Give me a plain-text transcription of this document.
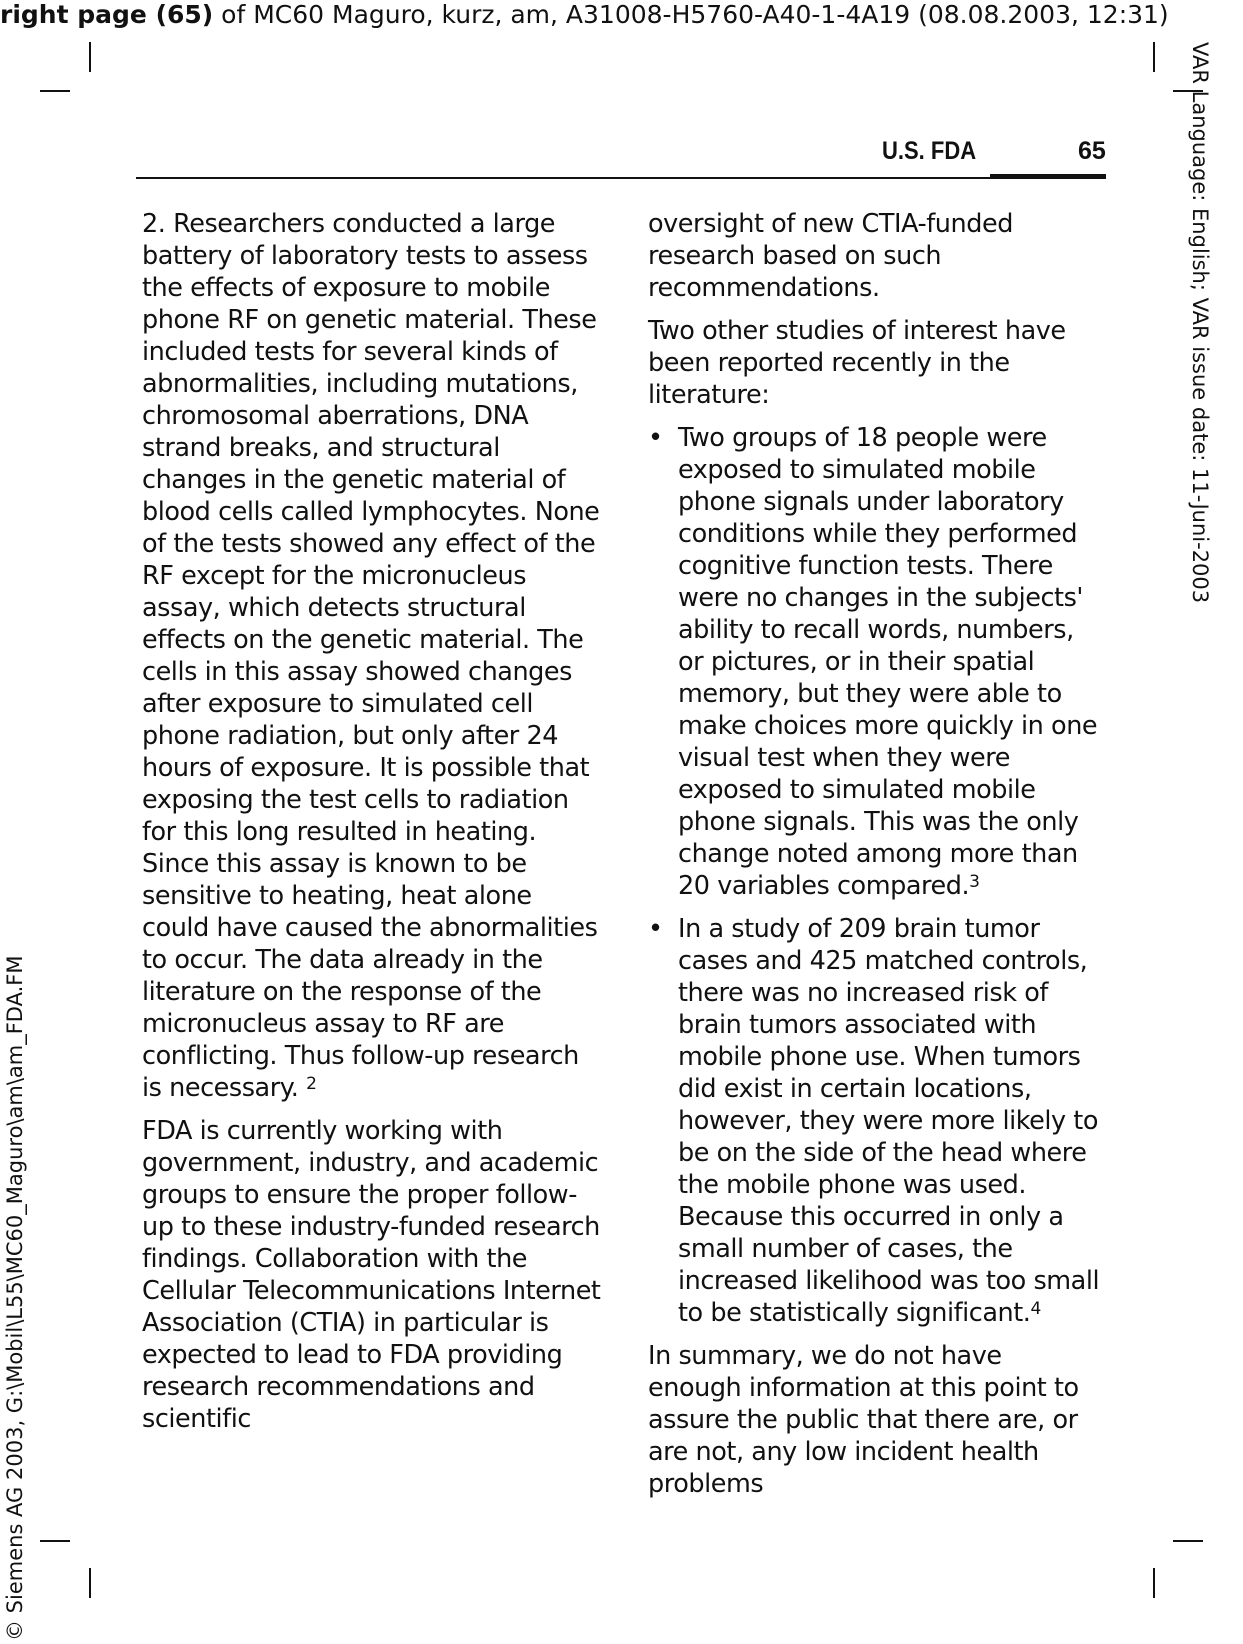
right page (65) of MC60 Maguro, kurz, am, A31008-H5760-A40-1-4A19 (08.08.2003, 12:31)
VAR Language: English; VAR issue date: 11-Juni-2003
© Siemens AG 2003, G:\Mobil\L55\MC60_Maguro\am\am_FDA.FM
U.S. FDA	65

2. Researchers conducted a large battery of laboratory tests to assess the effects of exposure to mobile phone RF on genetic material. These included tests for several kinds of abnormalities, including mutations, chromosomal aberrations, DNA strand breaks, and structural changes in the genetic material of blood cells called lymphocytes. None of the tests showed any effect of the RF except for the micronucleus assay, which detects structural effects on the genetic material. The cells in this assay showed changes after exposure to simulated cell phone radiation, but only after 24 hours of exposure. It is possible that exposing the test cells to radiation for this long resulted in heating. Since this assay is known to be sensitive to heating, heat alone could have caused the abnormalities to occur. The data already in the literature on the response of the micronucleus assay to RF are conflicting. Thus follow-up research is necessary. $^2$

FDA is currently working with government, industry, and academic groups to ensure the proper follow-up to these industry-funded research findings. Collaboration with the Cellular Telecommunications Internet Association (CTIA) in particular is expected to lead to FDA providing research recommendations and scientific

oversight of new CTIA-funded research based on such recommendations.

Two other studies of interest have been reported recently in the literature:

• Two groups of 18 people were exposed to simulated mobile phone signals under laboratory conditions while they performed cognitive function tests. There were no changes in the subjects' ability to recall words, numbers, or pictures, or in their spatial memory, but they were able to make choices more quickly in one visual test when they were exposed to simulated mobile phone signals. This was the only change noted among more than 20 variables compared.$^3$
• In a study of 209 brain tumor cases and 425 matched controls, there was no increased risk of brain tumors associated with mobile phone use. When tumors did exist in certain locations, however, they were more likely to be on the side of the head where the mobile phone was used. Because this occurred in only a small number of cases, the increased likelihood was too small to be statistically significant.$^4$

In summary, we do not have enough information at this point to assure the public that there are, or are not, any low incident health problems
